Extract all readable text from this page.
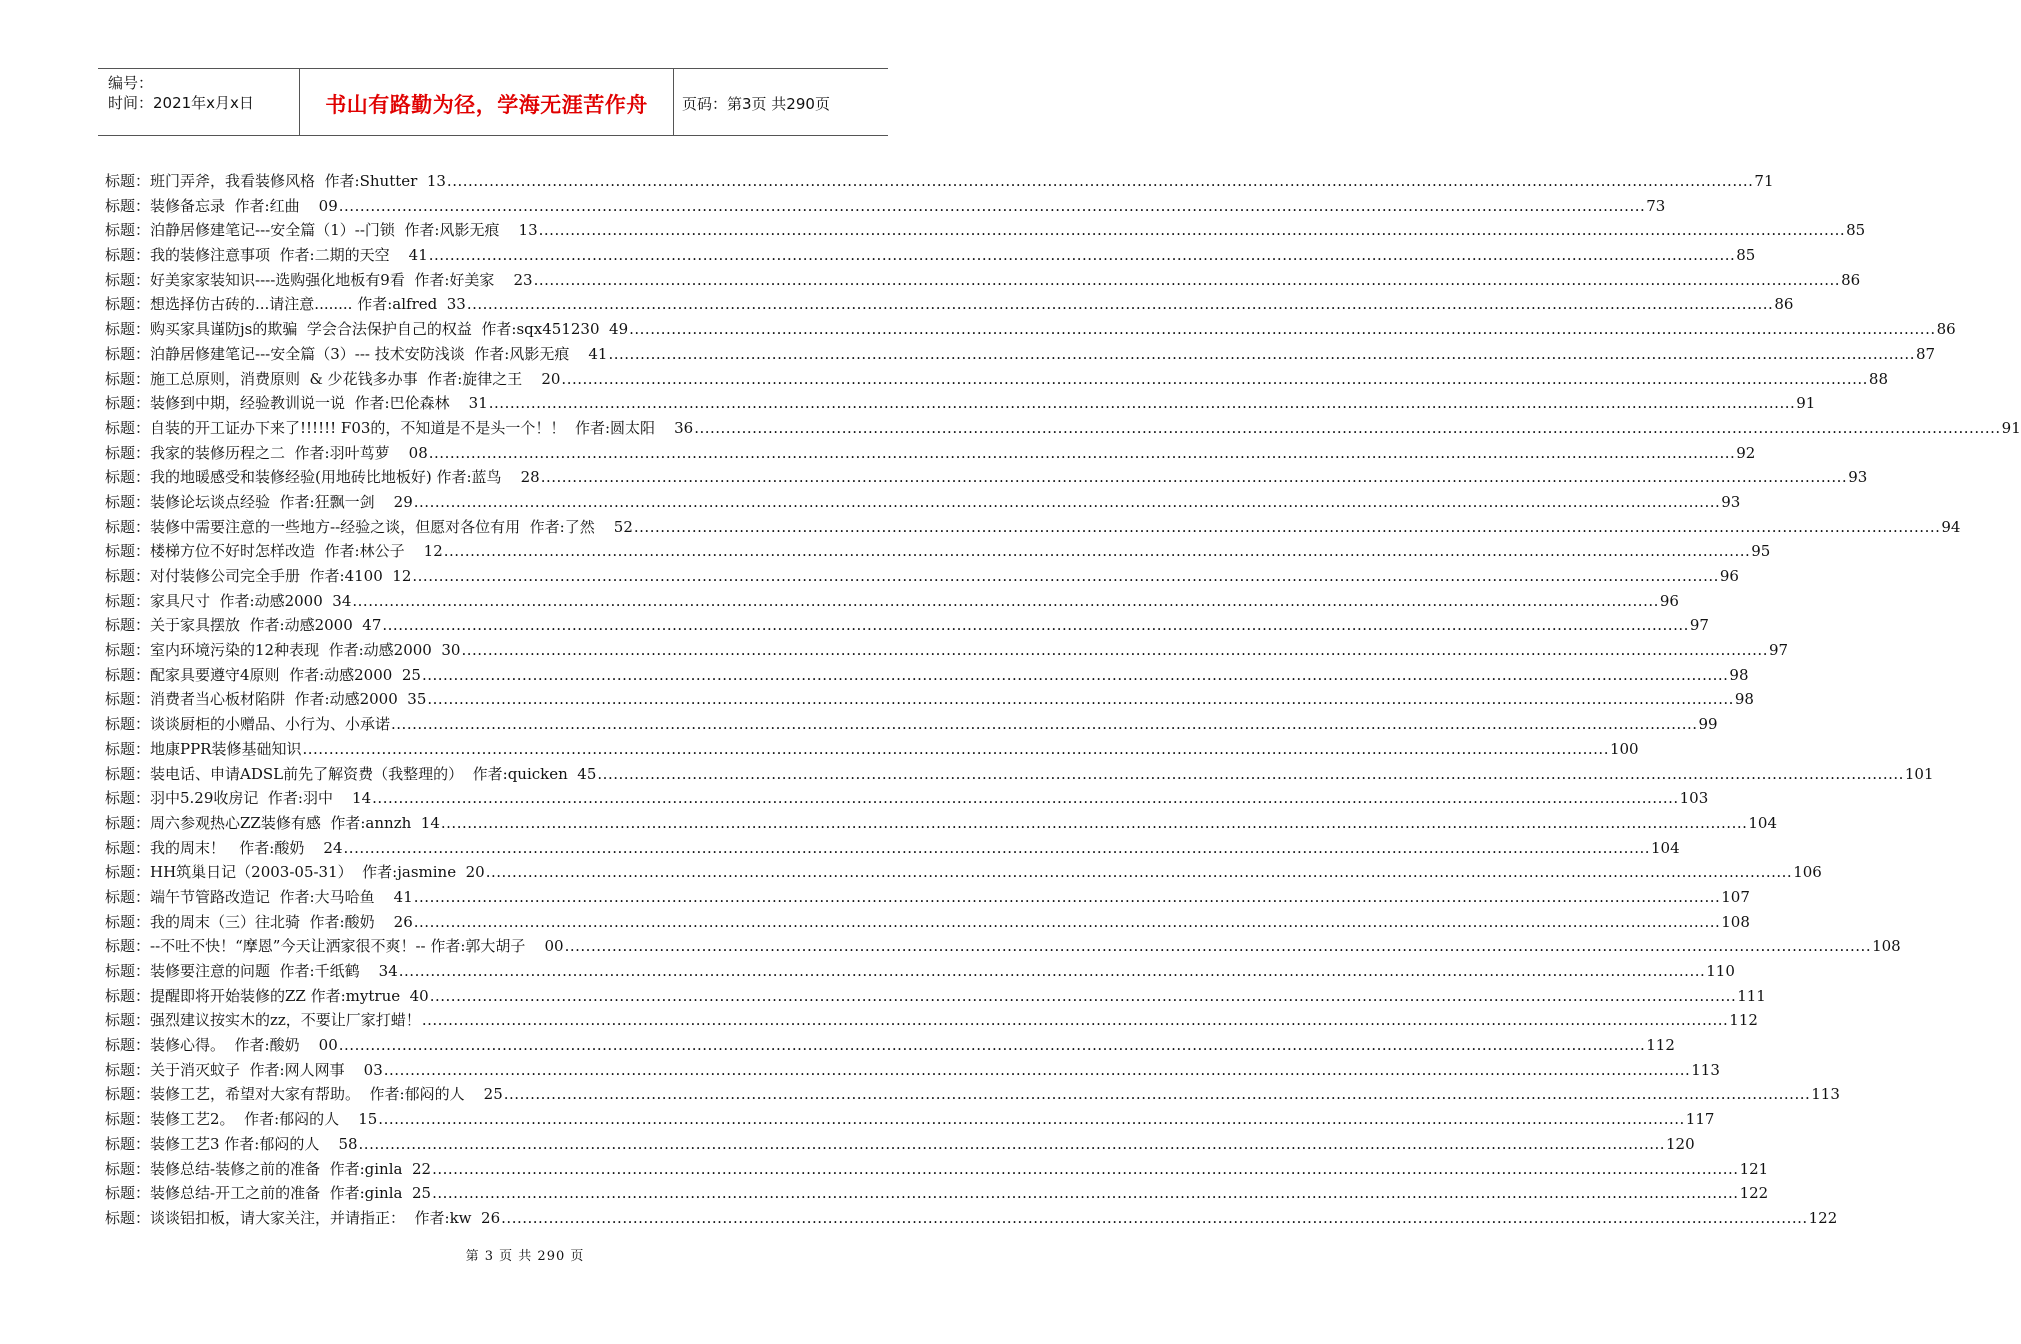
编号：
时间：2021年x月x日	书山有路勤为径，学海无涯苦作舟	页码：第3页 共290页
标题：班门弄斧，我看装修风格  作者:Shutter  13 .....	71
标题：装修备忘录  作者:红曲    09 .....	73
标题：泊静居修建笔记---安全篇（1）--门锁  作者:风影无痕    13 .....	85
标题：我的装修注意事项  作者:二期的天空    41 .....	85
标题：好美家家装知识----选购强化地板有9看  作者:好美家    23 .....	86
标题：想选择仿古砖的...请注意........ 作者:alfred  33 .....	86
标题：购买家具谨防js的欺骗  学会合法保护自己的权益  作者:sqx451230  49 .....	86
标题：泊静居修建笔记---安全篇（3）--- 技术安防浅谈  作者:风影无痕    41 .....	87
标题：施工总原则，消费原则  & 少花钱多办事  作者:旋律之王    20 .....	88
标题：装修到中期，经验教训说一说  作者:巴伦森林    31 .....	91
标题：自装的开工证办下来了!!!!!! F03的，不知道是不是头一个！！  作者:圆太阳    36 .....	91
标题：我家的装修历程之二  作者:羽叶茑萝    08 .....	92
标题：我的地暖感受和装修经验(用地砖比地板好) 作者:蓝鸟    28 .....	93
标题：装修论坛谈点经验  作者:狂飘一剑    29 .....	93
标题：装修中需要注意的一些地方--经验之谈，但愿对各位有用  作者:了然    52 .....	94
标题：楼梯方位不好时怎样改造  作者:林公子    12 .....	95
标题：对付装修公司完全手册  作者:4100  12 .....	96
标题：家具尺寸  作者:动感2000  34 .....	96
标题：关于家具摆放  作者:动感2000  47 .....	97
标题：室内环境污染的12种表现  作者:动感2000  30 .....	97
标题：配家具要遵守4原则  作者:动感2000  25 .....	98
标题：消费者当心板材陷阱  作者:动感2000  35 .....	98
标题：谈谈厨柜的小赠品、小行为、小承诺 .....	99
标题：地康PPR装修基础知识 .....	100
标题：装电话、申请ADSL前先了解资费（我整理的）  作者:quicken  45 .....	101
标题：羽中5.29收房记  作者:羽中    14 .....	103
标题：周六参观热心ZZ装修有感  作者:annzh  14 .....	104
标题：我的周末！   作者:酸奶    24 .....	104
标题：HH筑巢日记（2003-05-31）  作者:jasmine  20 .....	106
标题：端午节管路改造记  作者:大马哈鱼    41 .....	107
标题：我的周末（三）往北骑  作者:酸奶    26 .....	108
标题：--不吐不快！“摩恩”今天让洒家很不爽！-- 作者:郭大胡子    00 .....	108
标题：装修要注意的问题  作者:千纸鹤    34 .....	110
标题：提醒即将开始装修的ZZ 作者:mytrue  40 .....	111
标题：强烈建议按实木的zz，不要让厂家打蜡！ .....	112
标题：装修心得。  作者:酸奶    00 .....	112
标题：关于消灭蚊子  作者:网人网事    03 .....	113
标题：装修工艺，希望对大家有帮助。  作者:郁闷的人    25 .....	113
标题：装修工艺2。  作者:郁闷的人    15 .....	117
标题：装修工艺3 作者:郁闷的人    58 .....	120
标题：装修总结-装修之前的准备  作者:ginla  22 .....	121
标题：装修总结-开工之前的准备  作者:ginla  25 .....	122
标题：谈谈铝扣板，请大家关注，并请指正：  作者:kw  26 .....	122
第 3 页 共 290 页
